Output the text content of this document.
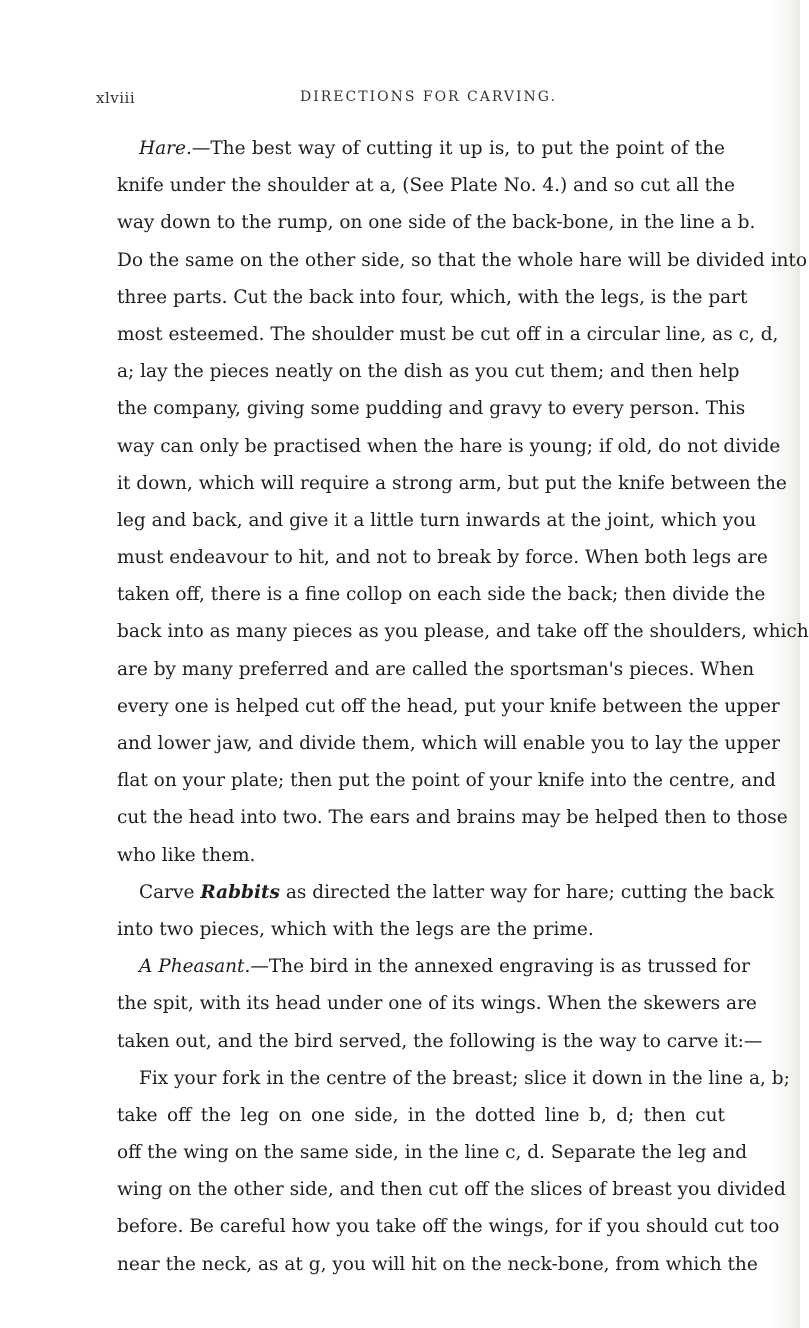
xlviii	DIRECTIONS FOR CARVING.
Hare.—The best way of cutting it up is, to put the point of the
knife under the shoulder at a, (See Plate No. 4.) and so cut all the
way down to the rump, on one side of the back-bone, in the line a b.
Do the same on the other side, so that the whole hare will be divided into
three parts. Cut the back into four, which, with the legs, is the part
most esteemed. The shoulder must be cut off in a circular line, as c, d,
a; lay the pieces neatly on the dish as you cut them; and then help
the company, giving some pudding and gravy to every person. This
way can only be practised when the hare is young; if old, do not divide
it down, which will require a strong arm, but put the knife between the
leg and back, and give it a little turn inwards at the joint, which you
must endeavour to hit, and not to break by force. When both legs are
taken off, there is a fine collop on each side the back; then divide the
back into as many pieces as you please, and take off the shoulders, which
are by many preferred and are called the sportsman's pieces. When
every one is helped cut off the head, put your knife between the upper
and lower jaw, and divide them, which will enable you to lay the upper
flat on your plate; then put the point of your knife into the centre, and
cut the head into two. The ears and brains may be helped then to those
who like them.
Carve Rabbits as directed the latter way for hare; cutting the back
into two pieces, which with the legs are the prime.
A Pheasant.—The bird in the annexed engraving is as trussed for
the spit, with its head under one of its wings. When the skewers are
taken out, and the bird served, the following is the way to carve it:—
Fix your fork in the centre of the breast; slice it down in the line a, b;
take off the leg on one side, in the dotted line b, d; then cut
off the wing on the same side, in the line c, d. Separate the leg and
wing on the other side, and then cut off the slices of breast you divided
before. Be careful how you take off the wings, for if you should cut too
near the neck, as at g, you will hit on the neck-bone, from which the
